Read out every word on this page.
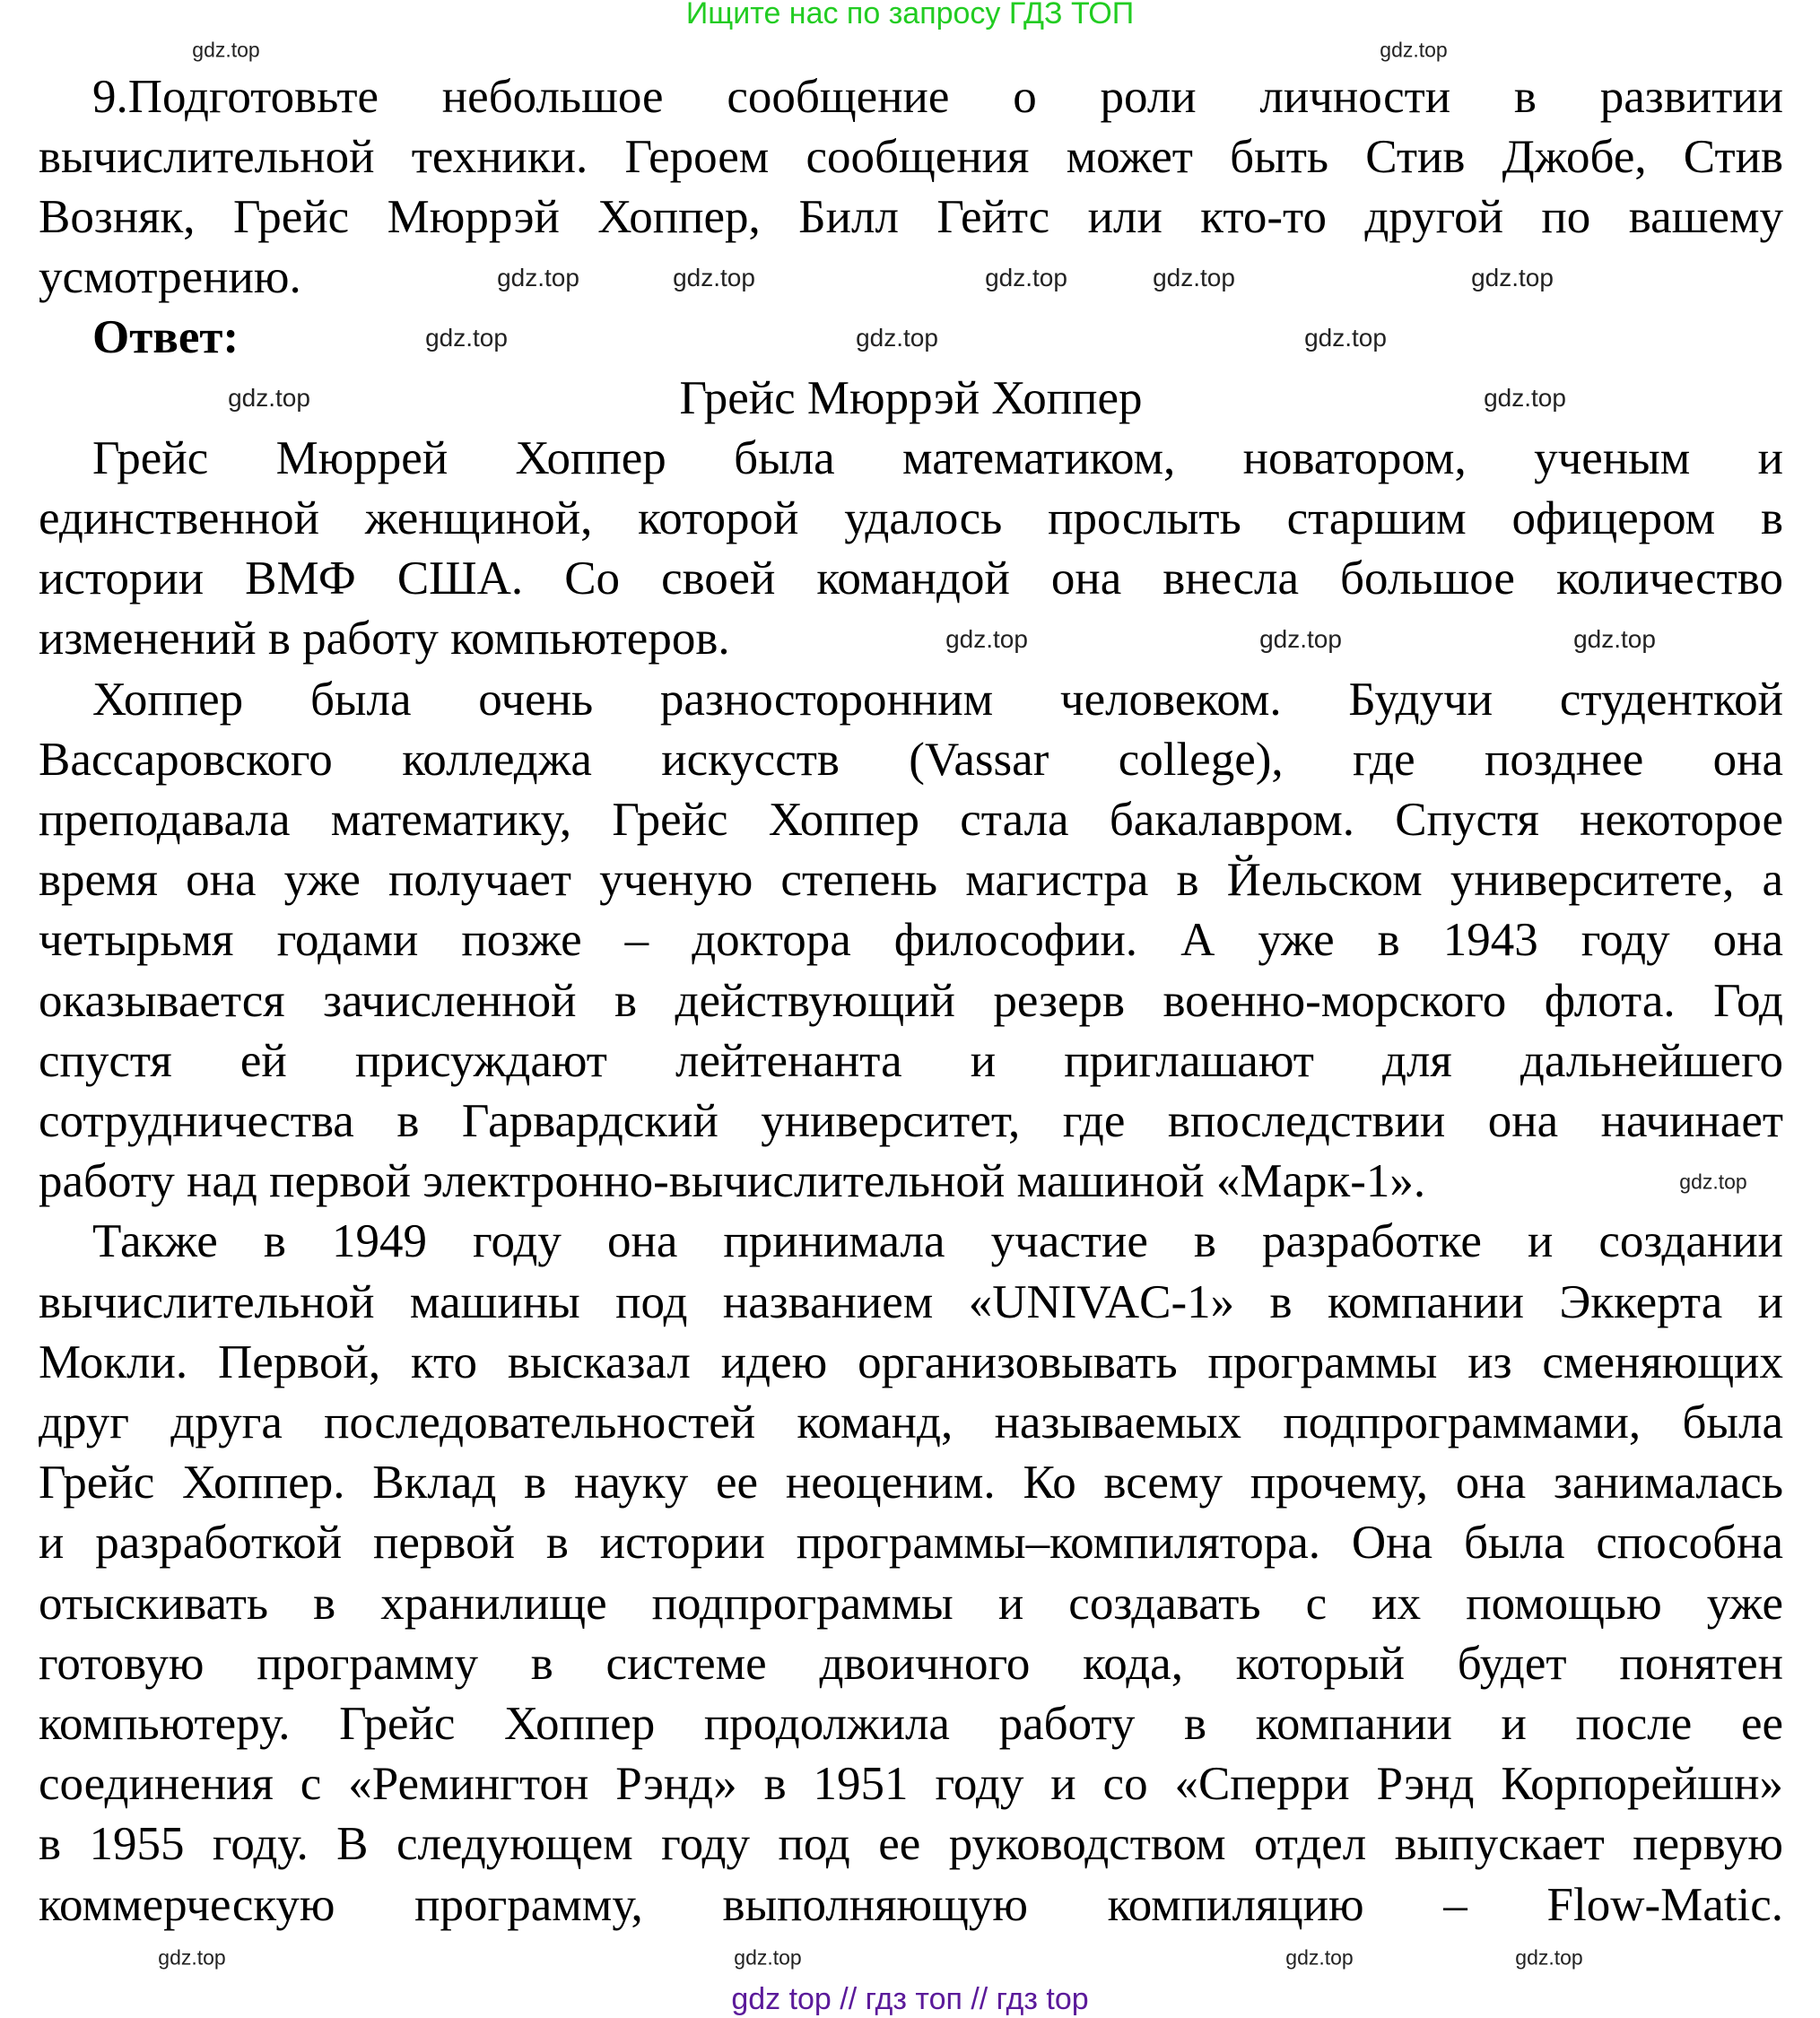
Ищите нас по запросу ГДЗ ТОП
9.Подготовьте небольшое сообщение о роли личности в развитии
вычислительной техники. Героем сообщения может быть Стив Джобе, Стив
Возняк, Грейс Мюррэй Хоппер, Билл Гейтс или кто-то другой по вашему
усмотрению.
Ответ:
Грейс Мюррэй Хоппер
Грейс Мюррей Хоппер была математиком, новатором, ученым и
единственной женщиной, которой удалось прослыть старшим офицером в
истории ВМФ США. Со своей командой она внесла большое количество
изменений в работу компьютеров.
Хоппер была очень разносторонним человеком. Будучи студенткой
Вассаровского колледжа искусств (Vassar college), где позднее она
преподавала математику, Грейс Хоппер стала бакалавром. Спустя некоторое
время она уже получает ученую степень магистра в Йельском университете, а
четырьмя годами позже – доктора философии. А уже в 1943 году она
оказывается зачисленной в действующий резерв военно-морского флота. Год
спустя ей присуждают лейтенанта и приглашают для дальнейшего
сотрудничества в Гарвардский университет, где впоследствии она начинает
работу над первой электронно-вычислительной машиной «Марк-1».
Также в 1949 году она принимала участие в разработке и создании
вычислительной машины под названием «UNIVAC-1» в компании Эккерта и
Мокли. Первой, кто высказал идею организовывать программы из сменяющих
друг друга последовательностей команд, называемых подпрограммами, была
Грейс Хоппер. Вклад в науку ее неоценим. Ко всему прочему, она занималась
и разработкой первой в истории программы–компилятора. Она была способна
отыскивать в хранилище подпрограммы и создавать с их помощью уже
готовую программу в системе двоичного кода, который будет понятен
компьютеру. Грейс Хоппер продолжила работу в компании и после ее
соединения с «Ремингтон Рэнд» в 1951 году и со «Сперри Рэнд Корпорейшн»
в 1955 году. В следующем году под ее руководством отдел выпускает первую
коммерческую программу, выполняющую компиляцию – Flow-Matic.
gdz.top	gdz.top
gdz.top	gdz.top	gdz.top	gdz.top	gdz.top
gdz.top	gdz.top	gdz.top
gdz.top	gdz.top
gdz.top	gdz.top	gdz.top
gdz.top
gdz.top	gdz.top	gdz.top	gdz.top
gdz top // гдз топ // гдз top
